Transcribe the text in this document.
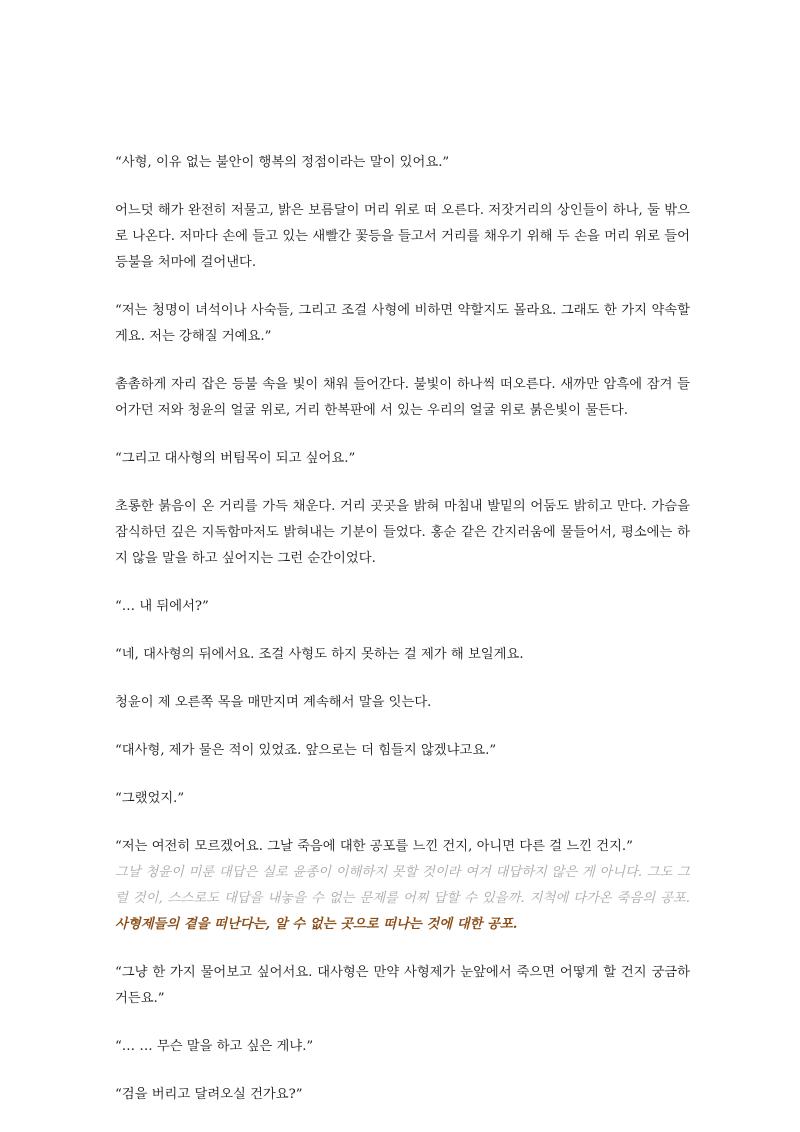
“사형, 이유 없는 불안이 행복의 정점이라는 말이 있어요.”

어느덧 해가 완전히 저물고, 밝은 보름달이 머리 위로 떠 오른다. 저잣거리의 상인들이 하나, 둘 밖으로 나온다. 저마다 손에 들고 있는 새빨간 꽃등을 들고서 거리를 채우기 위해 두 손을 머리 위로 들어 등불을 처마에 걸어낸다.

“저는 청명이 녀석이나 사숙들, 그리고 조걸 사형에 비하면 약할지도 몰라요. 그래도 한 가지 약속할게요. 저는 강해질 거예요.”

촘촘하게 자리 잡은 등불 속을 빛이 채워 들어간다. 불빛이 하나씩 떠오른다. 새까만 암흑에 잠겨 들어가던 저와 청윤의 얼굴 위로, 거리 한복판에 서 있는 우리의 얼굴 위로 붉은빛이 물든다.

“그리고 대사형의 버팀목이 되고 싶어요.”

초롱한 붉음이 온 거리를 가득 채운다. 거리 곳곳을 밝혀 마침내 발밑의 어둠도 밝히고 만다. 가슴을 잠식하던 깊은 지독함마저도 밝혀내는 기분이 들었다. 홍순 같은 간지러움에 물들어서, 평소에는 하지 않을 말을 하고 싶어지는 그런 순간이었다.

“… 내 뒤에서?”

“네, 대사형의 뒤에서요. 조걸 사형도 하지 못하는 걸 제가 해 보일게요.

청윤이 제 오른쪽 목을 매만지며 계속해서 말을 잇는다.

“대사형, 제가 물은 적이 있었죠. 앞으로는 더 힘들지 않겠냐고요.”

“그랬었지.”

“저는 여전히 모르겠어요. 그날 죽음에 대한 공포를 느낀 건지, 아니면 다른 걸 느낀 건지.”

그날 청윤이 미룬 대답은 실로 윤종이 이해하지 못할 것이라 여겨 대답하지 않은 게 아니다. 그도 그럴 것이, 스스로도 대답을 내놓을 수 없는 문제를 어찌 답할 수 있을까. 지척에 다가온 죽음의 공포. 사형제들의 곁을 떠난다는, 알 수 없는 곳으로 떠나는 것에 대한 공포.

“그냥 한 가지 물어보고 싶어서요. 대사형은 만약 사형제가 눈앞에서 죽으면 어떻게 할 건지 궁금하거든요.”

“… … 무슨 말을 하고 싶은 게냐.”

“검을 버리고 달려오실 건가요?”
